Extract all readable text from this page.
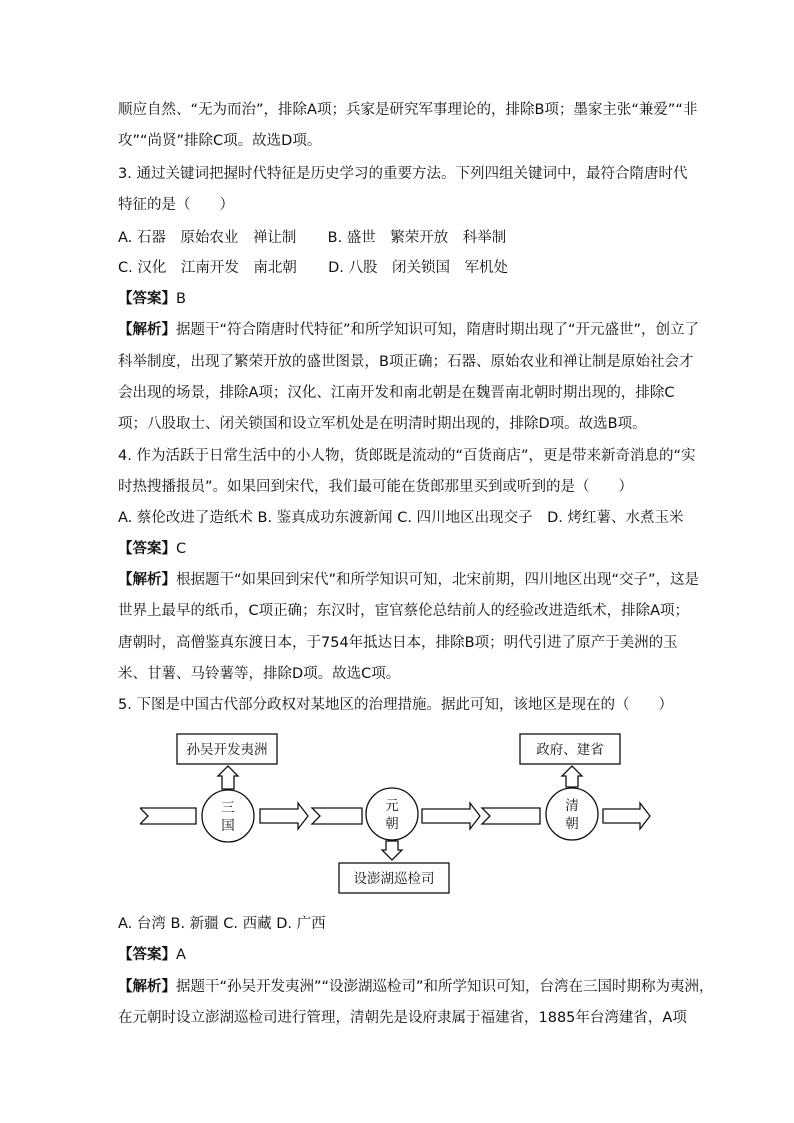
顺应自然、“无为而治”，排除A项；兵家是研究军事理论的，排除B项；墨家主张“兼爱”“非
攻”“尚贤”排除C项。故选D项。
3. 通过关键词把握时代特征是历史学习的重要方法。下列四组关键词中，最符合隋唐时代
特征的是（　　）
A. 石器　原始农业　禅让制 B. 盛世　繁荣开放　科举制
C. 汉化　江南开发　南北朝 D. 八股　闭关锁国　军机处
【答案】B
【解析】据题干“符合隋唐时代特征”和所学知识可知，隋唐时期出现了“开元盛世”，创立了
科举制度，出现了繁荣开放的盛世图景，B项正确；石器、原始农业和禅让制是原始社会才
会出现的场景，排除A项；汉化、江南开发和南北朝是在魏晋南北朝时期出现的，排除C
项；八股取士、闭关锁国和设立军机处是在明清时期出现的，排除D项。故选B项。
4. 作为活跃于日常生活中的小人物，货郎既是流动的“百货商店”，更是带来新奇消息的“实
时热搜播报员”。如果回到宋代，我们最可能在货郎那里买到或听到的是（　　）
A. 蔡伦改进了造纸术 B. 鉴真成功东渡新闻 C. 四川地区出现交子　D. 烤红薯、水煮玉米
【答案】C
【解析】根据题干“如果回到宋代”和所学知识可知，北宋前期，四川地区出现“交子”，这是
世界上最早的纸币，C项正确；东汉时，宦官蔡伦总结前人的经验改进造纸术，排除A项；
唐朝时，高僧鉴真东渡日本，于754年抵达日本，排除B项；明代引进了原产于美洲的玉
米、甘薯、马铃薯等，排除D项。故选C项。
5. 下图是中国古代部分政权对某地区的治理措施。据此可知，该地区是现在的（　　）
孙吴开发夷洲	政府、建省
设澎湖巡检司
三
国
元
朝
清
朝
A. 台湾 B. 新疆 C. 西藏 D. 广西
【答案】A
【解析】据题干“孙吴开发夷洲”“设澎湖巡检司”和所学知识可知，台湾在三国时期称为夷洲，
在元朝时设立澎湖巡检司进行管理，清朝先是设府隶属于福建省，1885年台湾建省，A项
